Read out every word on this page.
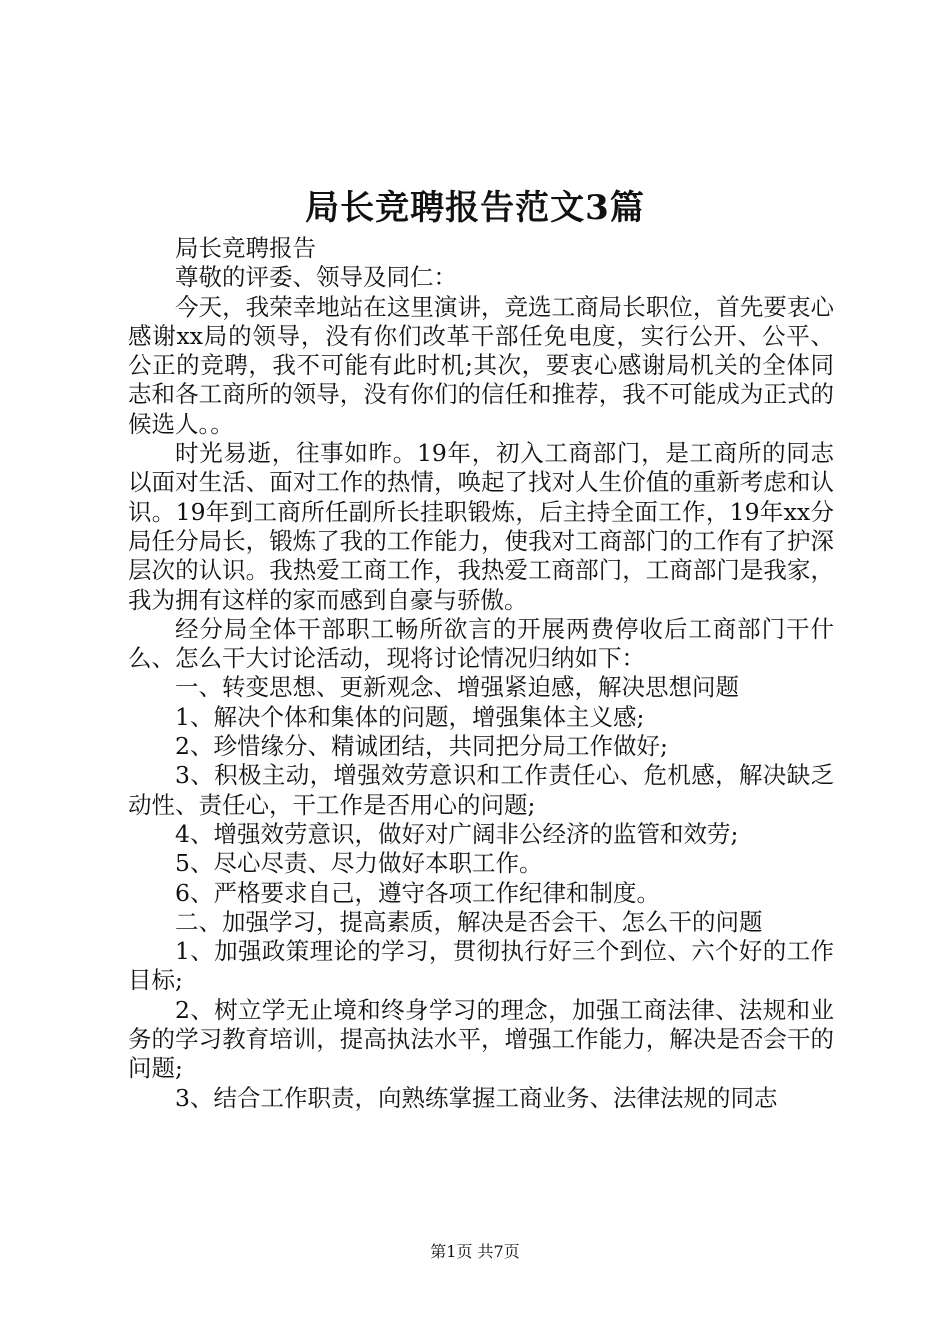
局长竞聘报告范文3篇

局长竞聘报告

尊敬的评委、领导及同仁：

今天，我荣幸地站在这里演讲，竞选工商局长职位，首先要衷心感谢xx局的领导，没有你们改革干部任免电度，实行公开、公平、公正的竞聘，我不可能有此时机;其次，要衷心感谢局机关的全体同志和各工商所的领导，没有你们的信任和推荐，我不可能成为正式的候选人。。

时光易逝，往事如昨。19年，初入工商部门，是工商所的同志以面对生活、面对工作的热情，唤起了找对人生价值的重新考虑和认识。19年到工商所任副所长挂职锻炼，后主持全面工作，19年xx分局任分局长，锻炼了我的工作能力，使我对工商部门的工作有了护深层次的认识。我热爱工商工作，我热爱工商部门，工商部门是我家，我为拥有这样的家而感到自豪与骄傲。

经分局全体干部职工畅所欲言的开展两费停收后工商部门干什么、怎么干大讨论活动，现将讨论情况归纳如下：

一、转变思想、更新观念、增强紧迫感，解决思想问题

1、解决个体和集体的问题，增强集体主义感;

2、珍惜缘分、精诚团结，共同把分局工作做好;

3、积极主动，增强效劳意识和工作责任心、危机感，解决缺乏动性、责任心，干工作是否用心的问题;

4、增强效劳意识，做好对广阔非公经济的监管和效劳;

5、尽心尽责、尽力做好本职工作。

6、严格要求自己，遵守各项工作纪律和制度。

二、加强学习，提高素质，解决是否会干、怎么干的问题

1、加强政策理论的学习，贯彻执行好三个到位、六个好的工作目标;

2、树立学无止境和终身学习的理念，加强工商法律、法规和业务的学习教育培训，提高执法水平，增强工作能力，解决是否会干的问题;

3、结合工作职责，向熟练掌握工商业务、法律法规的同志

第1页 共7页
